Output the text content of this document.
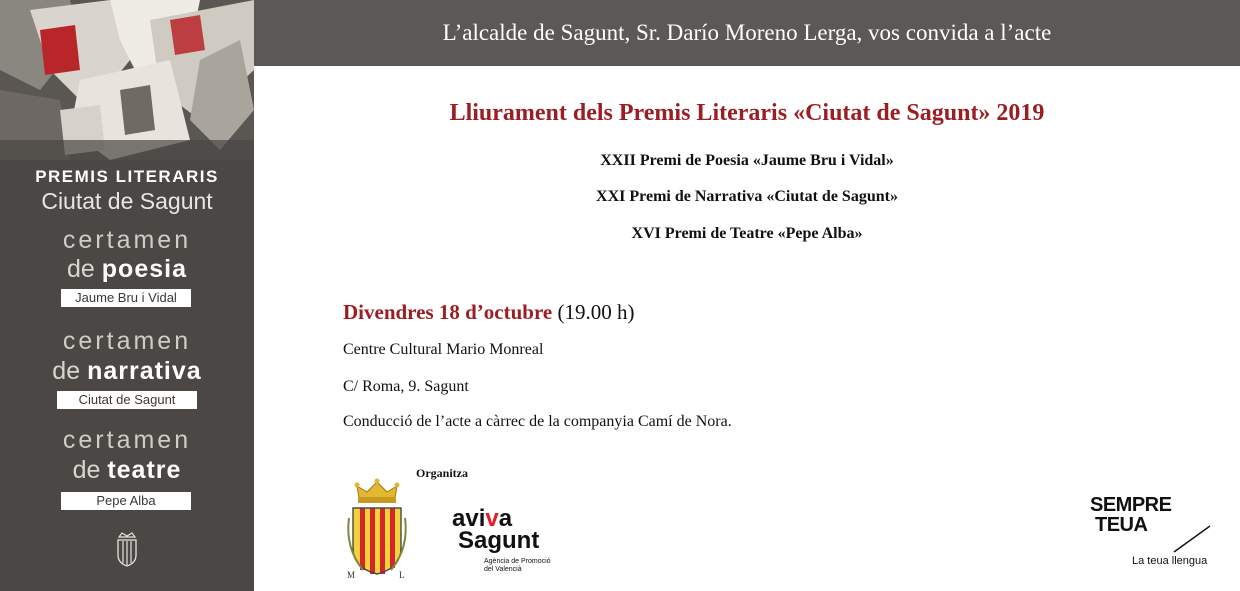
PREMIS LITERARIS
Ciutat de Sagunt
certamen
de poesia
Jaume Bru i Vidal
certamen
de narrativa
Ciutat de Sagunt
certamen
de teatre
Pepe Alba
L’alcalde de Sagunt, Sr. Darío Moreno Lerga, vos convida a l’acte
Lliurament dels Premis Literaris «Ciutat de Sagunt» 2019
XXII Premi de Poesia «Jaume Bru i Vidal»
XXI Premi de Narrativa «Ciutat de Sagunt»
XVI Premi de Teatre «Pepe Alba»
Divendres 18 d’octubre (19.00 h)
Centre Cultural Mario Monreal
C/ Roma, 9. Sagunt
Conducció de l’acte a càrrec de la companyia Camí de Nora.
Organitza
M	L
aviva
Sagunt
Agència de Promoció
del Valencià
SEMPRE
TEUA
La teua llengua
